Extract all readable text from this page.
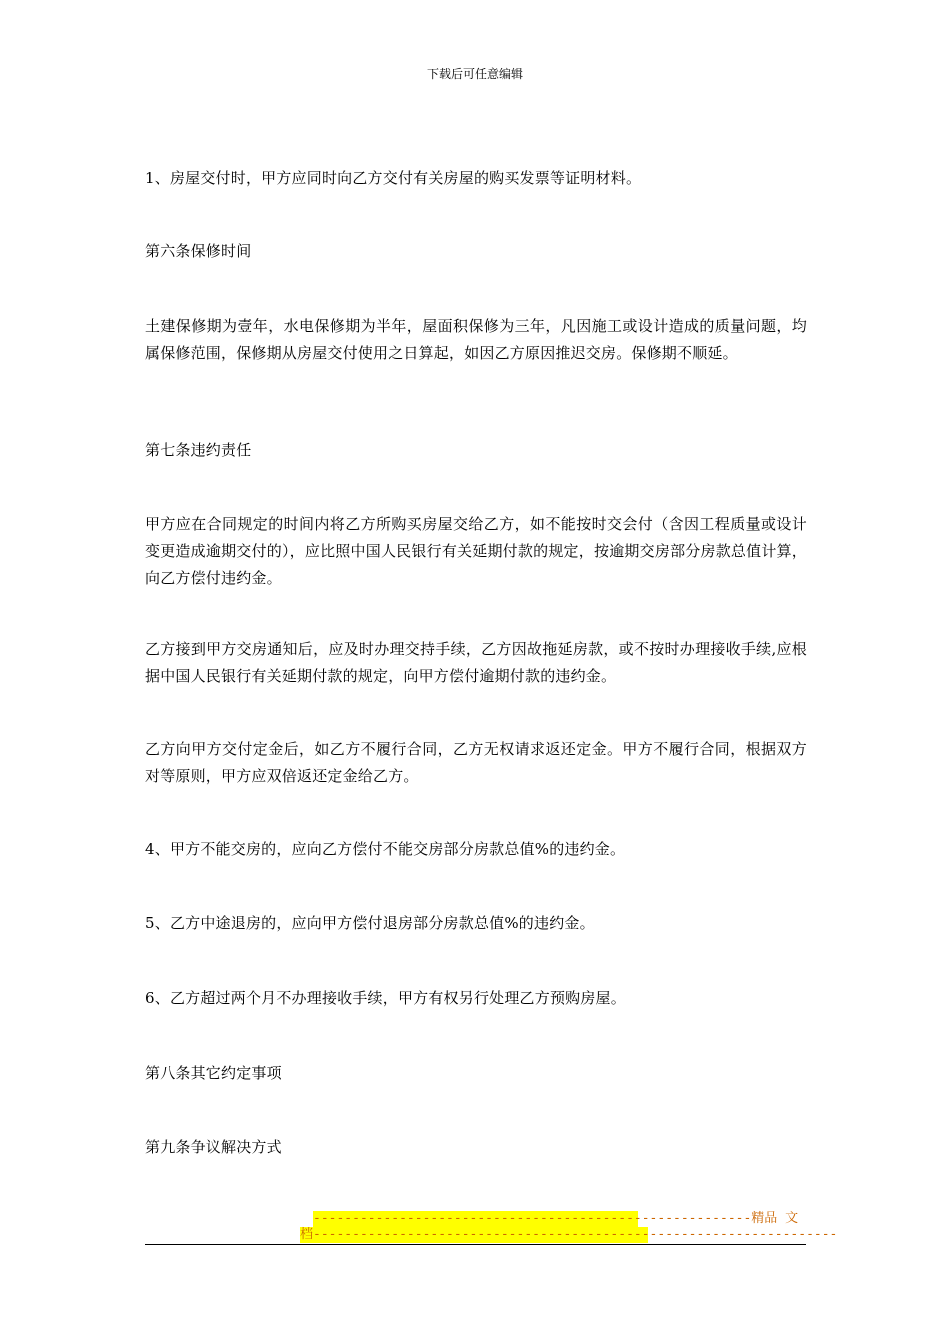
下载后可任意编辑

1、房屋交付时，甲方应同时向乙方交付有关房屋的购买发票等证明材料。

第六条保修时间

土建保修期为壹年，水电保修期为半年，屋面积保修为三年，凡因施工或设计造成的质量问题，均属保修范围，保修期从房屋交付使用之日算起，如因乙方原因推迟交房。保修期不顺延。

第七条违约责任

甲方应在合同规定的时间内将乙方所购买房屋交给乙方，如不能按时交会付（含因工程质量或设计变更造成逾期交付的），应比照中国人民银行有关延期付款的规定，按逾期交房部分房款总值计算，向乙方偿付违约金。

乙方接到甲方交房通知后，应及时办理交持手续，乙方因故拖延房款，或不按时办理接收手续,应根据中国人民银行有关延期付款的规定，向甲方偿付逾期付款的违约金。

乙方向甲方交付定金后，如乙方不履行合同，乙方无权请求返还定金。甲方不履行合同，根据双方对等原则，甲方应双倍返还定金给乙方。

4、甲方不能交房的，应向乙方偿付不能交房部分房款总值%的违约金。

5、乙方中途退房的，应向甲方偿付退房部分房款总值%的违约金。

6、乙方超过两个月不办理接收手续，甲方有权另行处理乙方预购房屋。

第八条其它约定事项

第九条争议解决方式

--------------------------------------------------------精品 文
档-------------------------------------------------------------------
